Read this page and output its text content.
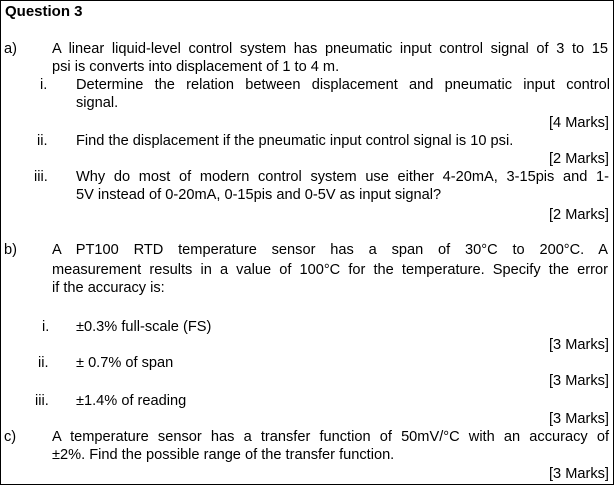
Question 3
a) A linear liquid-level control system has pneumatic input control signal of 3 to 15
psi is converts into displacement of 1 to 4 m.
i. Determine the relation between displacement and pneumatic input control
signal.
[4 Marks]
ii. Find the displacement if the pneumatic input control signal is 10 psi.
[2 Marks]
iii. Why do most of modern control system use either 4-20mA, 3-15pis and 1-
5V instead of 0-20mA, 0-15pis and 0-5V as input signal?
[2 Marks]
b) A PT100 RTD temperature sensor has a span of 30°C to 200°C. A
measurement results in a value of 100°C for the temperature. Specify the error
if the accuracy is:
i. ±0.3% full-scale (FS)
[3 Marks]
ii. ± 0.7% of span
[3 Marks]
iii. ±1.4% of reading
[3 Marks]
c) A temperature sensor has a transfer function of 50mV/°C with an accuracy of
±2%. Find the possible range of the transfer function.
[3 Marks]
